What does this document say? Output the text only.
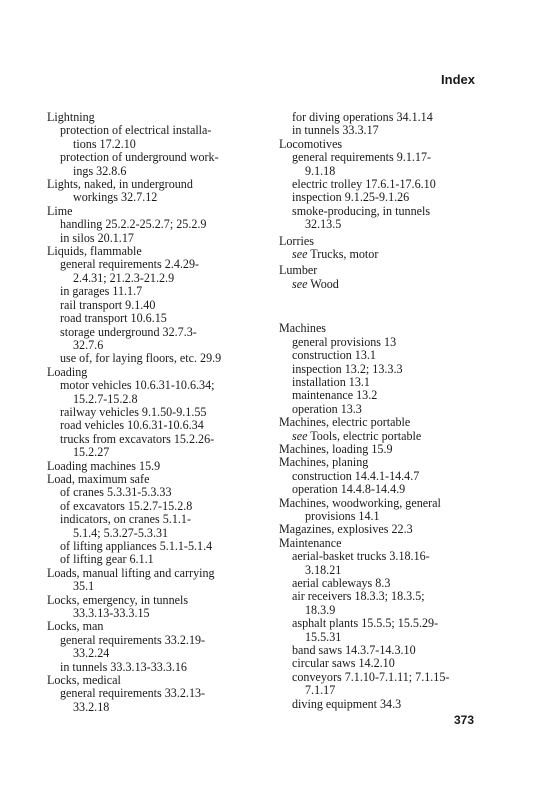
Index
Lightning
protection of electrical installa-
tions 17.2.10
protection of underground work-
ings 32.8.6
Lights, naked, in underground
workings 32.7.12
Lime
handling 25.2.2-25.2.7; 25.2.9
in silos 20.1.17
Liquids, flammable
general requirements 2.4.29-
2.4.31; 21.2.3-21.2.9
in garages 11.1.7
rail transport 9.1.40
road transport 10.6.15
storage underground 32.7.3-
32.7.6
use of, for laying floors, etc. 29.9
Loading
motor vehicles 10.6.31-10.6.34;
15.2.7-15.2.8
railway vehicles 9.1.50-9.1.55
road vehicles 10.6.31-10.6.34
trucks from excavators 15.2.26-
15.2.27
Loading machines 15.9
Load, maximum safe
of cranes 5.3.31-5.3.33
of excavators 15.2.7-15.2.8
indicators, on cranes 5.1.1-
5.1.4; 5.3.27-5.3.31
of lifting appliances 5.1.1-5.1.4
of lifting gear 6.1.1
Loads, manual lifting and carrying
35.1
Locks, emergency, in tunnels
33.3.13-33.3.15
Locks, man
general requirements 33.2.19-
33.2.24
in tunnels 33.3.13-33.3.16
Locks, medical
general requirements 33.2.13-
33.2.18
for diving operations 34.1.14
in tunnels 33.3.17
Locomotives
general requirements 9.1.17-
9.1.18
electric trolley 17.6.1-17.6.10
inspection 9.1.25-9.1.26
smoke-producing, in tunnels
32.13.5
Lorries
see Trucks, motor
Lumber
see Wood
Machines
general provisions 13
construction 13.1
inspection 13.2; 13.3.3
installation 13.1
maintenance 13.2
operation 13.3
Machines, electric portable
see Tools, electric portable
Machines, loading 15.9
Machines, planing
construction 14.4.1-14.4.7
operation 14.4.8-14.4.9
Machines, woodworking, general
provisions 14.1
Magazines, explosives 22.3
Maintenance
aerial-basket trucks 3.18.16-
3.18.21
aerial cableways 8.3
air receivers 18.3.3; 18.3.5;
18.3.9
asphalt plants 15.5.5; 15.5.29-
15.5.31
band saws 14.3.7-14.3.10
circular saws 14.2.10
conveyors 7.1.10-7.1.11; 7.1.15-
7.1.17
diving equipment 34.3
373
